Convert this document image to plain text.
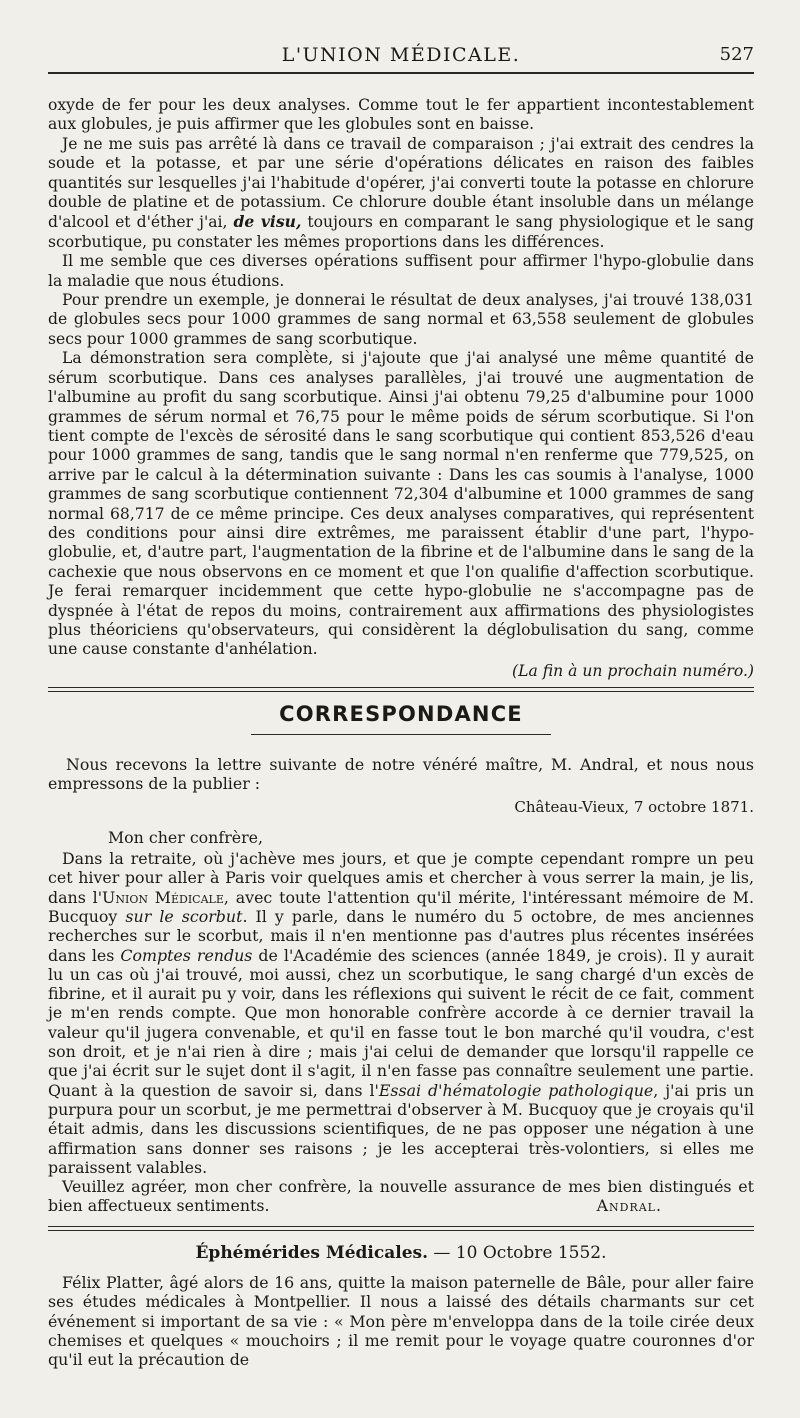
L'UNION MÉDICALE.	527

oxyde de fer pour les deux analyses. Comme tout le fer appartient incontestablement aux globules, je puis affirmer que les globules sont en baisse.

Je ne me suis pas arrêté là dans ce travail de comparaison ; j'ai extrait des cendres la soude et la potasse, et par une série d'opérations délicates en raison des faibles quantités sur lesquelles j'ai l'habitude d'opérer, j'ai converti toute la potasse en chlorure double de platine et de potassium. Ce chlorure double étant insoluble dans un mélange d'alcool et d'éther j'ai, de visu, toujours en comparant le sang physiologique et le sang scorbutique, pu constater les mêmes proportions dans les différences.

Il me semble que ces diverses opérations suffisent pour affirmer l'hypo-globulie dans la maladie que nous étudions.

Pour prendre un exemple, je donnerai le résultat de deux analyses, j'ai trouvé 138,031 de globules secs pour 1000 grammes de sang normal et 63,558 seulement de globules secs pour 1000 grammes de sang scorbutique.

La démonstration sera complète, si j'ajoute que j'ai analysé une même quantité de sérum scorbutique. Dans ces analyses parallèles, j'ai trouvé une augmentation de l'albumine au profit du sang scorbutique. Ainsi j'ai obtenu 79,25 d'albumine pour 1000 grammes de sérum normal et 76,75 pour le même poids de sérum scorbutique. Si l'on tient compte de l'excès de sérosité dans le sang scorbutique qui contient 853,526 d'eau pour 1000 grammes de sang, tandis que le sang normal n'en renferme que 779,525, on arrive par le calcul à la détermination suivante : Dans les cas soumis à l'analyse, 1000 grammes de sang scorbutique contiennent 72,304 d'albumine et 1000 grammes de sang normal 68,717 de ce même principe. Ces deux analyses comparatives, qui représentent des conditions pour ainsi dire extrêmes, me paraissent établir d'une part, l'hypo-globulie, et, d'autre part, l'augmentation de la fibrine et de l'albumine dans le sang de la cachexie que nous observons en ce moment et que l'on qualifie d'affection scorbutique. Je ferai remarquer incidemment que cette hypo-globulie ne s'accompagne pas de dyspnée à l'état de repos du moins, contrairement aux affirmations des physiologistes plus théoriciens qu'observateurs, qui considèrent la déglobulisation du sang, comme une cause constante d'anhélation.

(La fin à un prochain numéro.)

CORRESPONDANCE

Nous recevons la lettre suivante de notre vénéré maître, M. Andral, et nous nous empressons de la publier :

Château-Vieux, 7 octobre 1871.

Mon cher confrère,

Dans la retraite, où j'achève mes jours, et que je compte cependant rompre un peu cet hiver pour aller à Paris voir quelques amis et chercher à vous serrer la main, je lis, dans l'Union Médicale, avec toute l'attention qu'il mérite, l'intéressant mémoire de M. Bucquoy sur le scorbut. Il y parle, dans le numéro du 5 octobre, de mes anciennes recherches sur le scorbut, mais il n'en mentionne pas d'autres plus récentes insérées dans les Comptes rendus de l'Académie des sciences (année 1849, je crois). Il y aurait lu un cas où j'ai trouvé, moi aussi, chez un scorbutique, le sang chargé d'un excès de fibrine, et il aurait pu y voir, dans les réflexions qui suivent le récit de ce fait, comment je m'en rends compte. Que mon honorable confrère accorde à ce dernier travail la valeur qu'il jugera convenable, et qu'il en fasse tout le bon marché qu'il voudra, c'est son droit, et je n'ai rien à dire ; mais j'ai celui de demander que lorsqu'il rappelle ce que j'ai écrit sur le sujet dont il s'agit, il n'en fasse pas connaître seulement une partie. Quant à la question de savoir si, dans l'Essai d'hématologie pathologique, j'ai pris un purpura pour un scorbut, je me permettrai d'observer à M. Bucquoy que je croyais qu'il était admis, dans les discussions scientifiques, de ne pas opposer une négation à une affirmation sans donner ses raisons ; je les accepterai très-volontiers, si elles me paraissent valables.

Veuillez agréer, mon cher confrère, la nouvelle assurance de mes bien distingués et bien affectueux sentiments.	Andral.

Éphémérides Médicales. — 10 Octobre 1552.

Félix Platter, âgé alors de 16 ans, quitte la maison paternelle de Bâle, pour aller faire ses études médicales à Montpellier. Il nous a laissé des détails charmants sur cet événement si important de sa vie : « Mon père m'enveloppa dans de la toile cirée deux chemises et quelques « mouchoirs ; il me remit pour le voyage quatre couronnes d'or qu'il eut la précaution de
